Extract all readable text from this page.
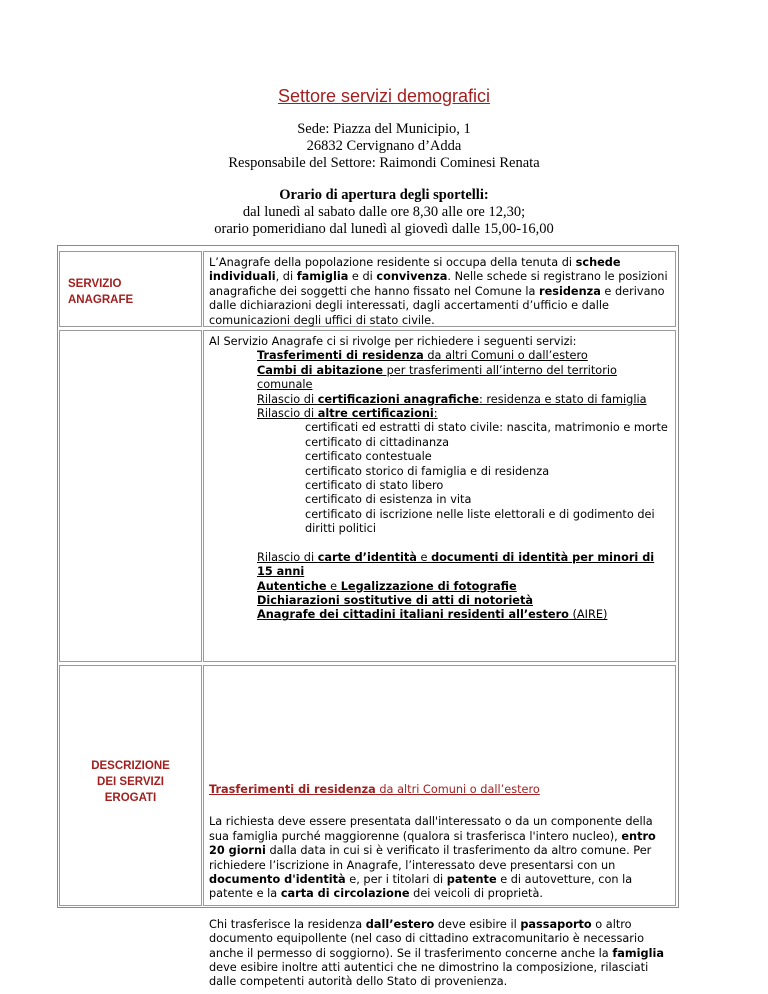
Settore servizi demografici
Sede: Piazza del Municipio, 1
26832 Cervignano d’Adda
Responsabile del Settore: Raimondi Cominesi Renata
Orario di apertura degli sportelli:
dal lunedì al sabato dalle ore 8,30 alle ore 12,30;
orario pomeridiano dal lunedì al giovedì dalle 15,00-16,00
SERVIZIO
ANAGRAFE
L’Anagrafe della popolazione residente si occupa della tenuta di schede individuali, di famiglia e di convivenza. Nelle schede si registrano le posizioni anagrafiche dei soggetti che hanno fissato nel Comune la residenza e derivano dalle dichiarazioni degli interessati, dagli accertamenti d’ufficio e dalle comunicazioni degli uffici di stato civile.
Al Servizio Anagrafe ci si rivolge per richiedere i seguenti servizi:
Trasferimenti di residenza da altri Comuni o dall’estero
Cambi di abitazione per trasferimenti all’interno del territorio comunale
Rilascio di certificazioni anagrafiche: residenza e stato di famiglia
Rilascio di altre certificazioni:
certificati ed estratti di stato civile: nascita, matrimonio e morte
certificato di cittadinanza
certificato contestuale
certificato storico di famiglia e di residenza
certificato di stato libero
certificato di esistenza in vita
certificato di iscrizione nelle liste elettorali e di godimento dei diritti politici
Rilascio di carte d’identità e documenti di identità per minori di 15 anni
Autentiche e Legalizzazione di fotografie
Dichiarazioni sostitutive di atti di notorietà
Anagrafe dei cittadini italiani residenti all’estero (AIRE)
DESCRIZIONE
DEI SERVIZI
EROGATI
Trasferimenti di residenza da altri Comuni o dall’estero
La richiesta deve essere presentata dall'interessato o da un componente della sua famiglia purché maggiorenne (qualora si trasferisca l'intero nucleo), entro 20 giorni dalla data in cui si è verificato il trasferimento da altro comune. Per richiedere l’iscrizione in Anagrafe, l’interessato deve presentarsi con un documento d'identità e, per i titolari di patente e di autovetture, con la patente e la carta di circolazione dei veicoli di proprietà.
Chi trasferisce la residenza dall’estero deve esibire il passaporto o altro documento equipollente (nel caso di cittadino extracomunitario è necessario anche il permesso di soggiorno). Se il trasferimento concerne anche la famiglia deve esibire inoltre atti autentici che ne dimostrino la composizione, rilasciati dalle competenti autorità dello Stato di provenienza.
